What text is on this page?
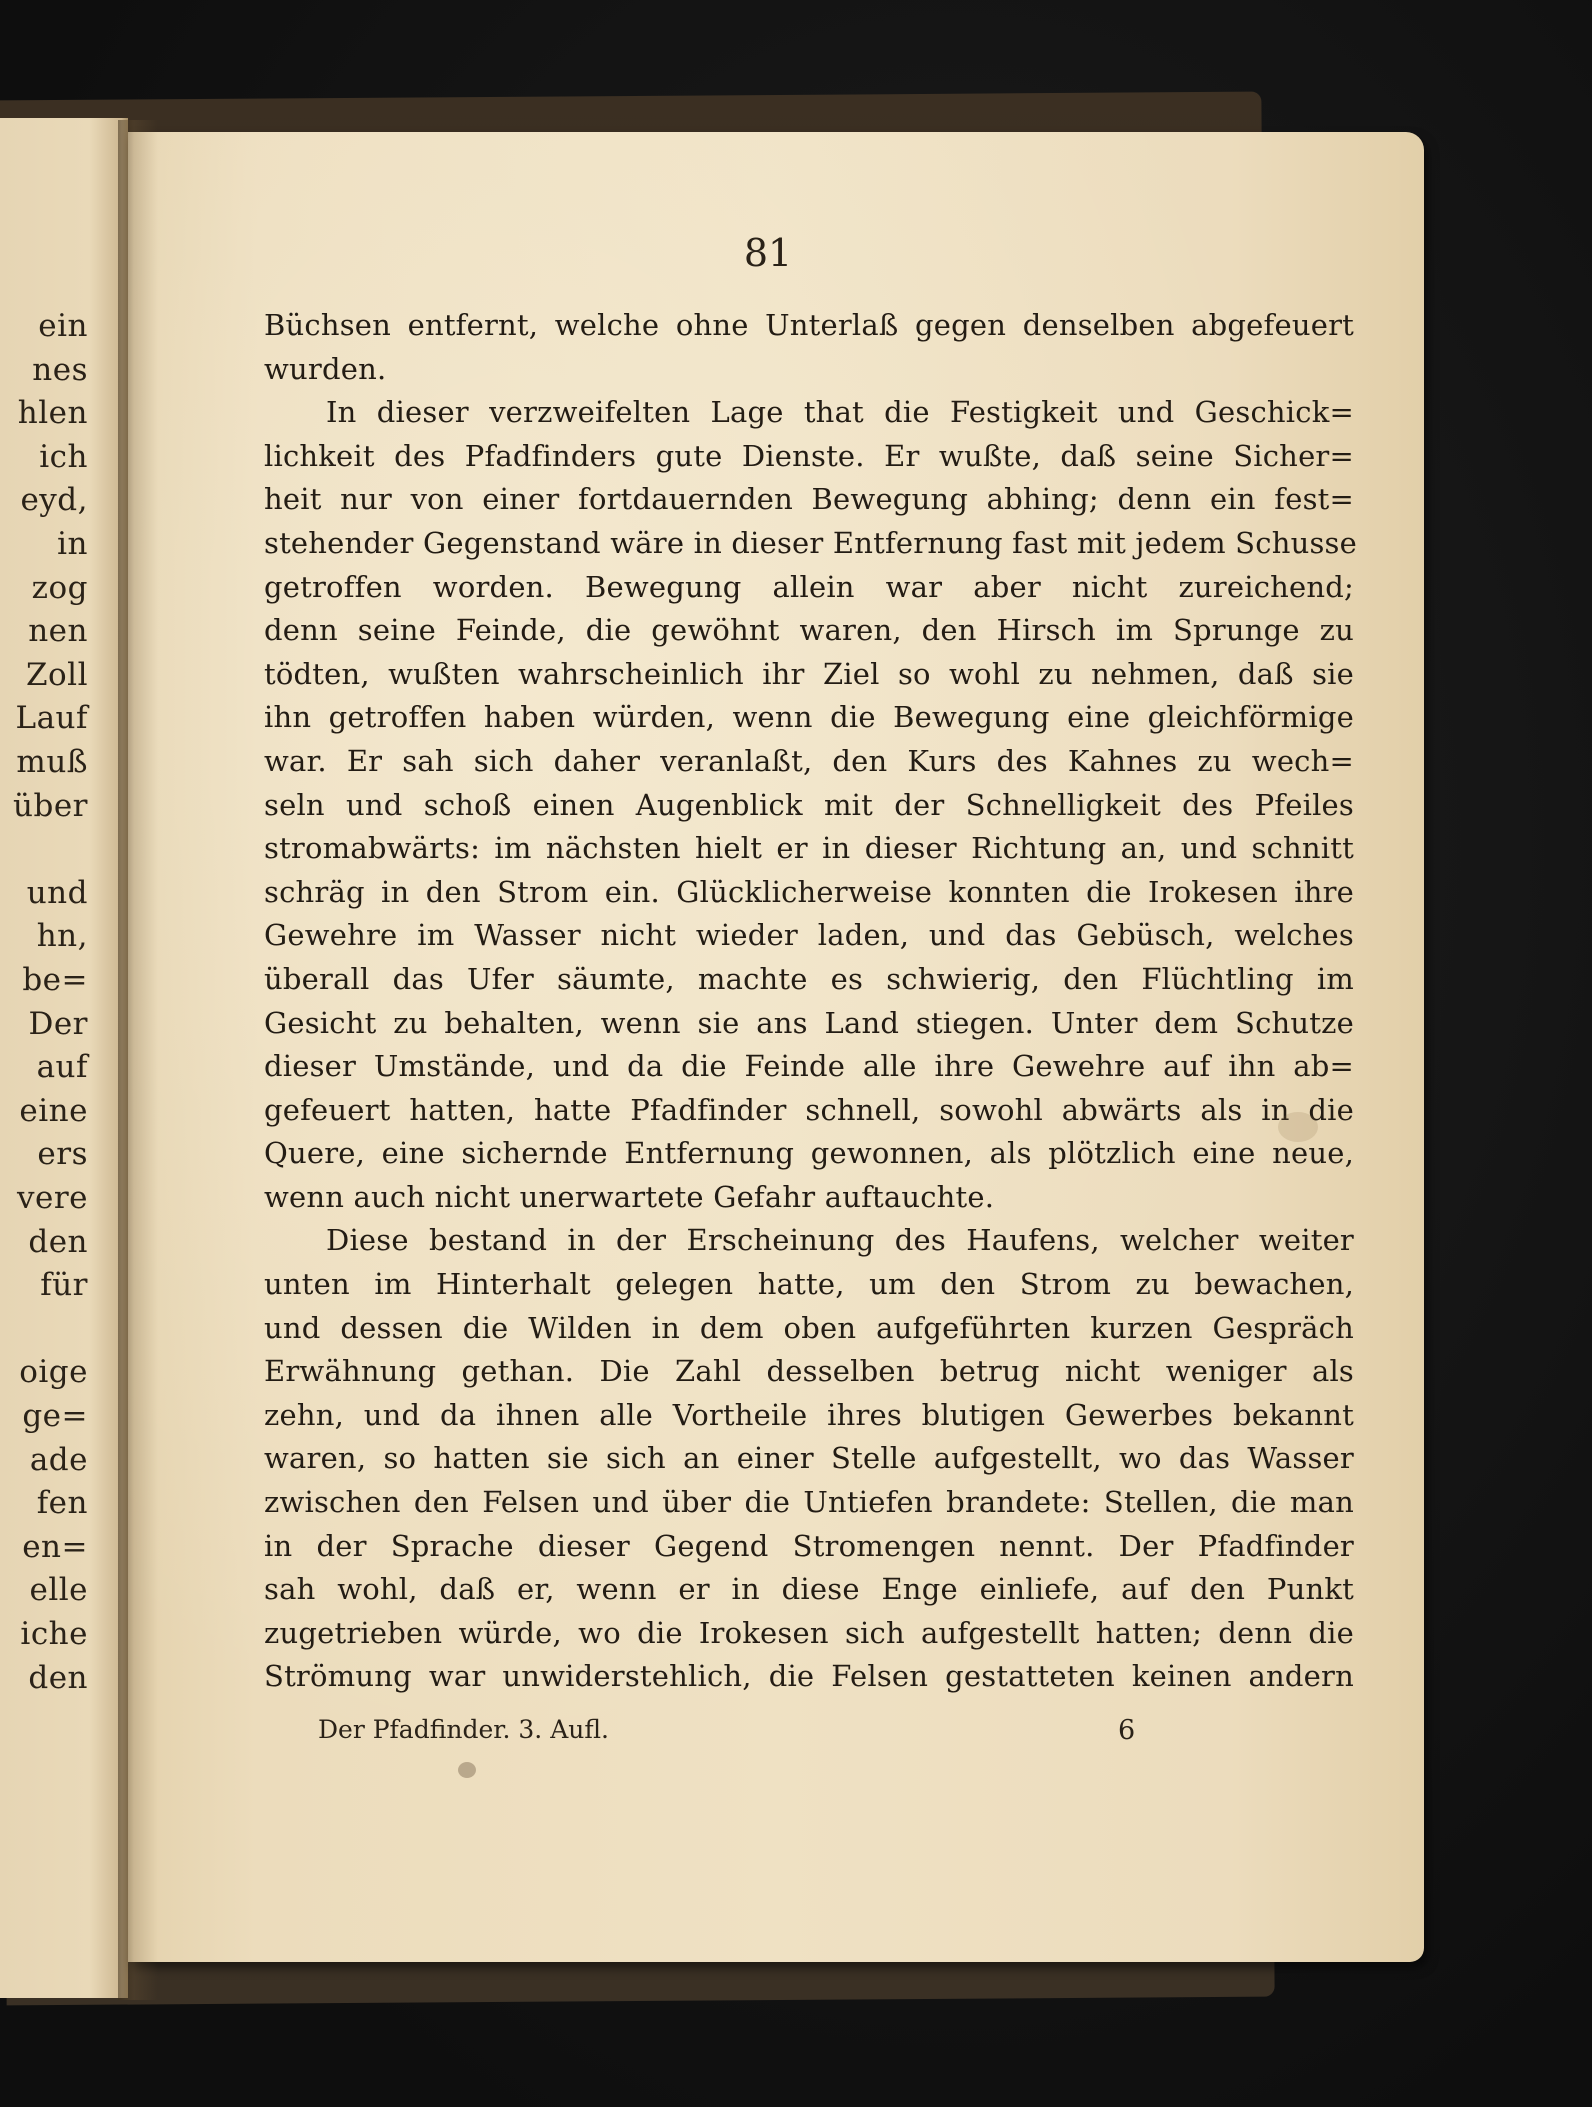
ein
nes
hlen
ich
eyd,
in
zog
nen
Zoll
Lauf
muß
über
und
hn,
be=
Der
auf
eine
ers
vere
den
für
oige
ge=
ade
fen
en=
elle
iche
den

81

Büchsen entfernt, welche ohne Unterlaß gegen denselben abgefeuert
wurden.
In dieser verzweifelten Lage that die Festigkeit und Geschick=
lichkeit des Pfadfinders gute Dienste. Er wußte, daß seine Sicher=
heit nur von einer fortdauernden Bewegung abhing; denn ein fest=
stehender Gegenstand wäre in dieser Entfernung fast mit jedem Schusse
getroffen worden. Bewegung allein war aber nicht zureichend;
denn seine Feinde, die gewöhnt waren, den Hirsch im Sprunge zu
tödten, wußten wahrscheinlich ihr Ziel so wohl zu nehmen, daß sie
ihn getroffen haben würden, wenn die Bewegung eine gleichförmige
war. Er sah sich daher veranlaßt, den Kurs des Kahnes zu wech=
seln und schoß einen Augenblick mit der Schnelligkeit des Pfeiles
stromabwärts: im nächsten hielt er in dieser Richtung an, und schnitt
schräg in den Strom ein. Glücklicherweise konnten die Irokesen ihre
Gewehre im Wasser nicht wieder laden, und das Gebüsch, welches
überall das Ufer säumte, machte es schwierig, den Flüchtling im
Gesicht zu behalten, wenn sie ans Land stiegen. Unter dem Schutze
dieser Umstände, und da die Feinde alle ihre Gewehre auf ihn ab=
gefeuert hatten, hatte Pfadfinder schnell, sowohl abwärts als in die
Quere, eine sichernde Entfernung gewonnen, als plötzlich eine neue,
wenn auch nicht unerwartete Gefahr auftauchte.
Diese bestand in der Erscheinung des Haufens, welcher weiter
unten im Hinterhalt gelegen hatte, um den Strom zu bewachen,
und dessen die Wilden in dem oben aufgeführten kurzen Gespräch
Erwähnung gethan. Die Zahl desselben betrug nicht weniger als
zehn, und da ihnen alle Vortheile ihres blutigen Gewerbes bekannt
waren, so hatten sie sich an einer Stelle aufgestellt, wo das Wasser
zwischen den Felsen und über die Untiefen brandete: Stellen, die man
in der Sprache dieser Gegend Stromengen nennt. Der Pfadfinder
sah wohl, daß er, wenn er in diese Enge einliefe, auf den Punkt
zugetrieben würde, wo die Irokesen sich aufgestellt hatten; denn die
Strömung war unwiderstehlich, die Felsen gestatteten keinen andern
Der Pfadfinder. 3. Aufl.	6
